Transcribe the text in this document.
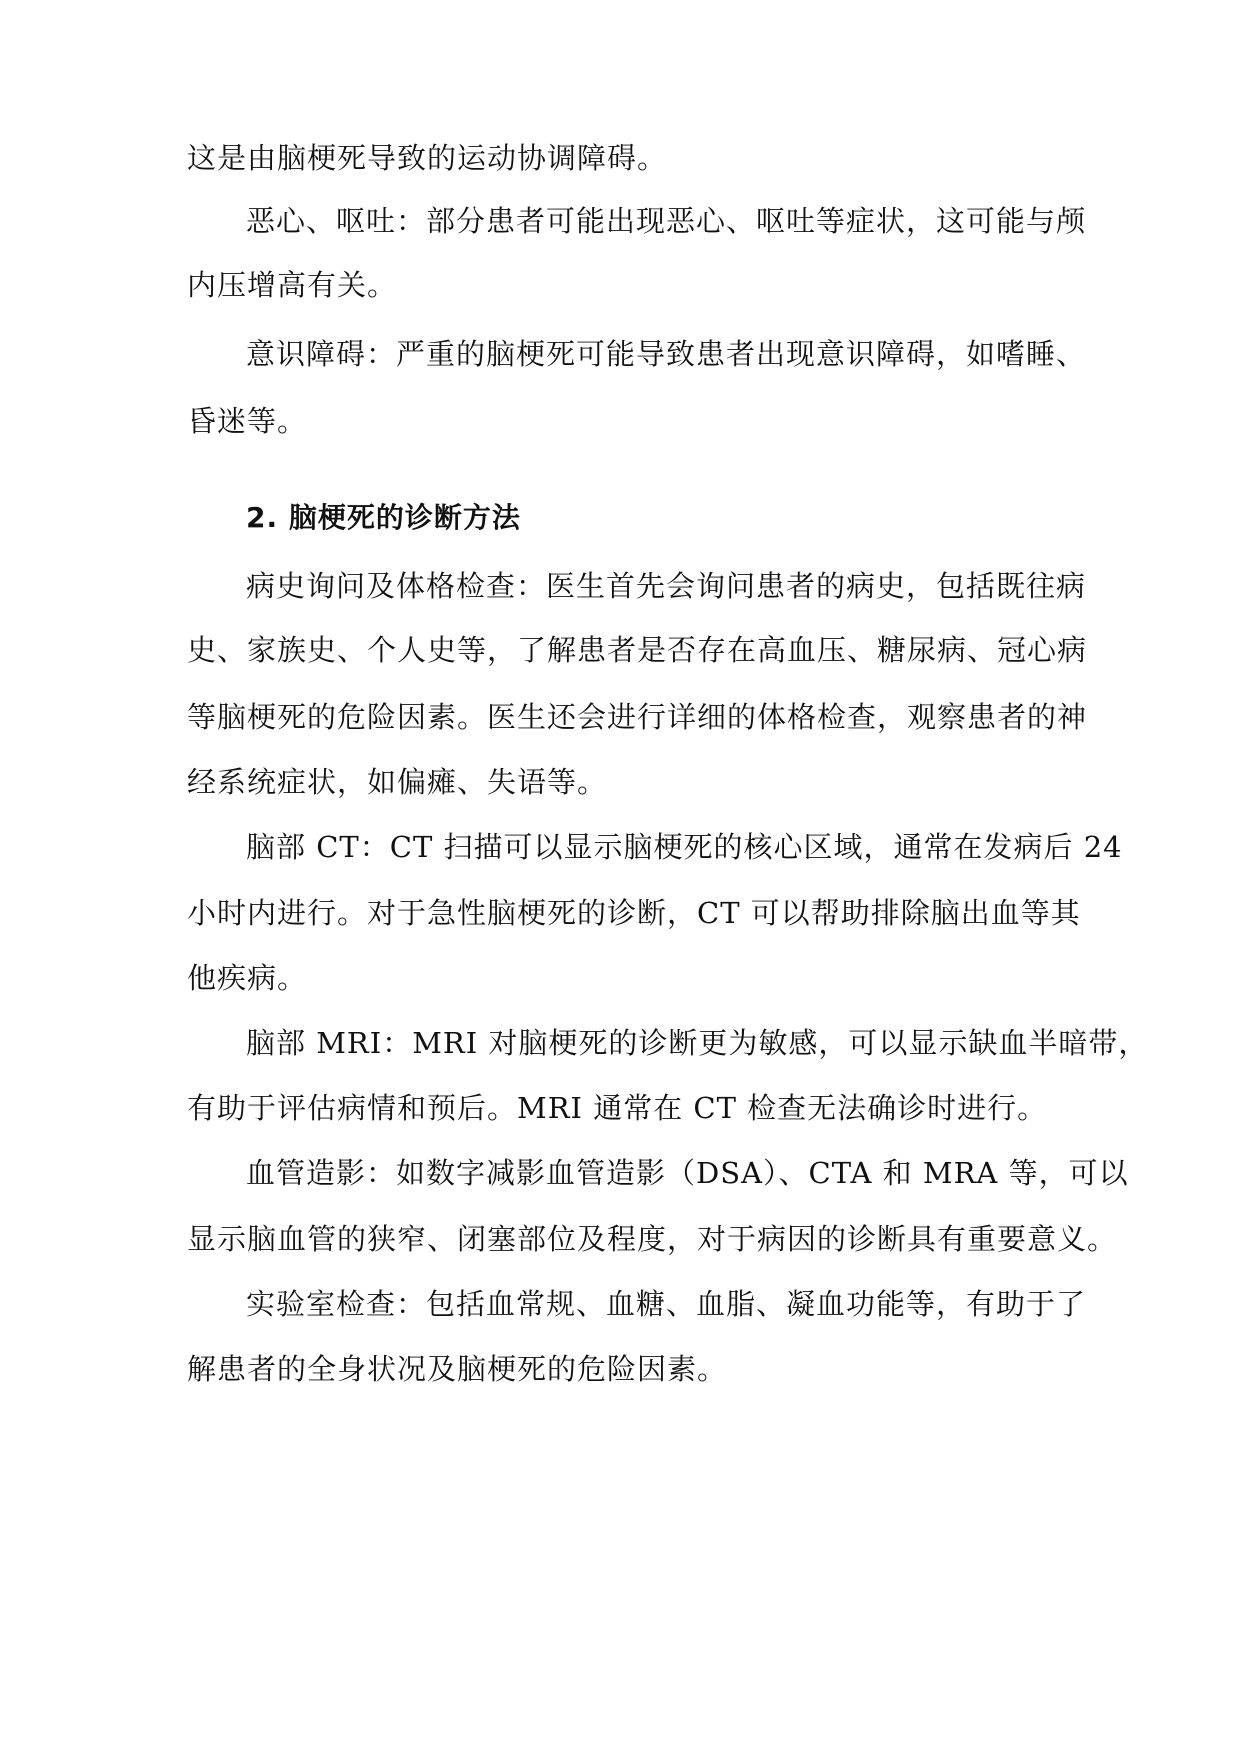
这是由脑梗死导致的运动协调障碍。
恶心、呕吐：部分患者可能出现恶心、呕吐等症状，这可能与颅
内压增高有关。
意识障碍：严重的脑梗死可能导致患者出现意识障碍，如嗜睡、
昏迷等。
2. 脑梗死的诊断方法
病史询问及体格检查：医生首先会询问患者的病史，包括既往病
史、家族史、个人史等，了解患者是否存在高血压、糖尿病、冠心病
等脑梗死的危险因素。医生还会进行详细的体格检查，观察患者的神
经系统症状，如偏瘫、失语等。
脑部 CT：CT 扫描可以显示脑梗死的核心区域，通常在发病后 24
小时内进行。对于急性脑梗死的诊断，CT 可以帮助排除脑出血等其
他疾病。
脑部 MRI：MRI 对脑梗死的诊断更为敏感，可以显示缺血半暗带，
有助于评估病情和预后。MRI 通常在 CT 检查无法确诊时进行。
血管造影：如数字减影血管造影（DSA）、CTA 和 MRA 等，可以
显示脑血管的狭窄、闭塞部位及程度，对于病因的诊断具有重要意义。
实验室检查：包括血常规、血糖、血脂、凝血功能等，有助于了
解患者的全身状况及脑梗死的危险因素。
